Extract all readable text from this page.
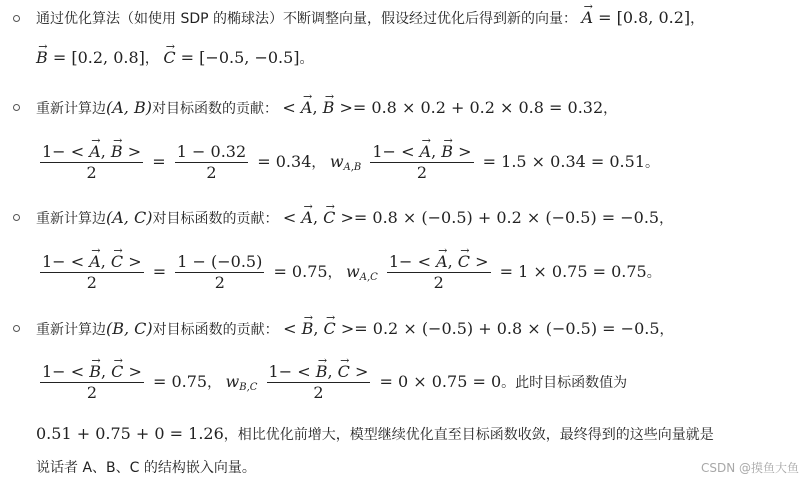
通过优化算法（如使用 SDP 的椭球法）不断调整向量，假设经过优化后得到新的向量： → A = [0.8, 0.2]，
→ B = [0.2, 0.8]， → C = [−0.5, −0.5]。
重新计算边(A, B)对目标函数的贡献： < → A, → B >= 0.8 × 0.2 + 0.2 × 0.8 = 0.32，
$\frac{1- < \to A, \to B >}{2} = \frac{1 - 0.32}{2} = 0.34$， $w_{A,B} \frac{1- < \to A, \to B >}{2} = 1.5 \times 0.34 = 0.51$。
重新计算边(A, C)对目标函数的贡献： < → A, → C >= 0.8 × (−0.5) + 0.2 × (−0.5) = −0.5，
$\frac{1- < \to A, \to C >}{2} = \frac{1 - (-0.5)}{2} = 0.75$， $w_{A,C} \frac{1- < \to A, \to C >}{2} = 1 \times 0.75 = 0.75$。
重新计算边(B, C)对目标函数的贡献： < → B, → C >= 0.2 × (−0.5) + 0.8 × (−0.5) = −0.5，
$\frac{1- < \to B, \to C >}{2} = 0.75$， $w_{B,C} \frac{1- < \to B, \to C >}{2} = 0 \times 0.75 = 0$。此时目标函数值为
0.51 + 0.75 + 0 = 1.26，相比优化前增大，模型继续优化直至目标函数收敛，最终得到的这些向量就是
说话者 A、B、C 的结构嵌入向量。	CSDN @摸鱼大鱼
